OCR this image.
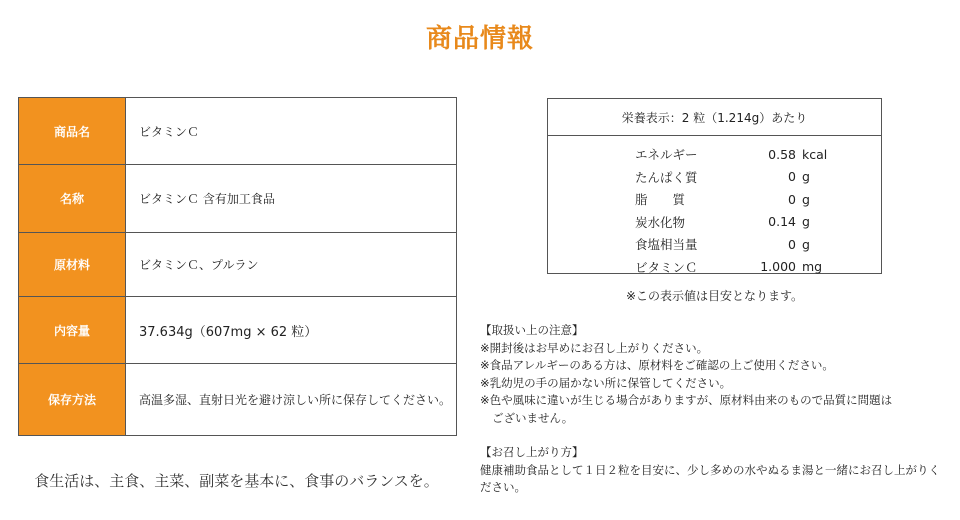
商品情報
商品名	ビタミンＣ
名称	ビタミンＣ 含有加工食品
原材料	ビタミンＣ、プルラン
内容量	37.634g（607mg × 62 粒）
保存方法	高温多湿、直射日光を避け涼しい所に保存してください。
食生活は、主食、主菜、副菜を基本に、食事のバランスを。
栄養表示：2 粒（1.214g）あたり
エネルギー	0.58 kcal
たんぱく質	0 g
脂　　質	0 g
炭水化物	0.14 g
食塩相当量	0 g
ビタミンＣ	1.000 mg
※この表示値は目安となります。

【取扱い上の注意】

※開封後はお早めにお召し上がりください。

※食品アレルギーのある方は、原材料をご確認の上ご使用ください。

※乳幼児の手の届かない所に保管してください。

※色や風味に違いが生じる場合がありますが、原材料由来のもので品質に問題は

ございません。

【お召し上がり方】

健康補助食品として１日２粒を目安に、少し多めの水やぬるま湯と一緒にお召し上がりください。
